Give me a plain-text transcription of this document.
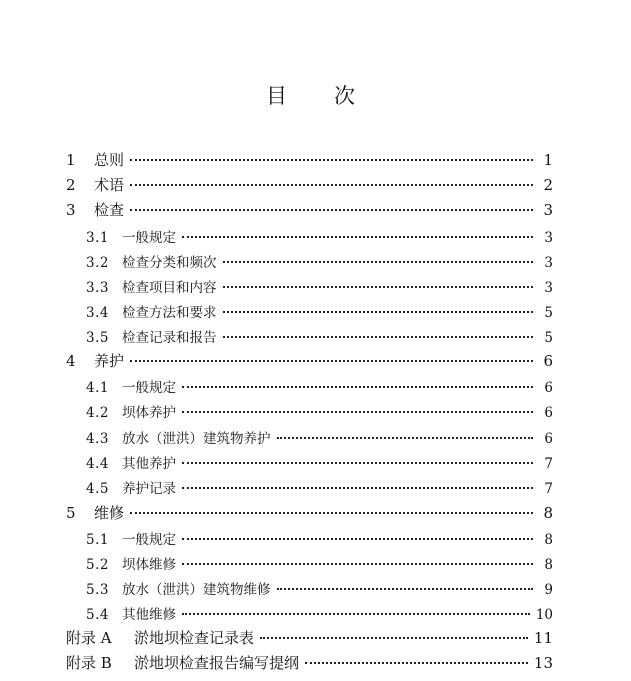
目 次
1	总则	1
2	术语	2
3	检查	3
3.1 一般规定	3
3.2 检查分类和频次	3
3.3 检查项目和内容	3
3.4 检查方法和要求	5
3.5 检查记录和报告	5
4	养护	6
4.1 一般规定	6
4.2 坝体养护	6
4.3 放水（泄洪）建筑物养护	6
4.4 其他养护	7
4.5 养护记录	7
5	维修	8
5.1 一般规定	8
5.2 坝体维修	8
5.3 放水（泄洪）建筑物维修	9
5.4 其他维修	10
附录 A	淤地坝检查记录表	11
附录 B	淤地坝检查报告编写提纲	13
